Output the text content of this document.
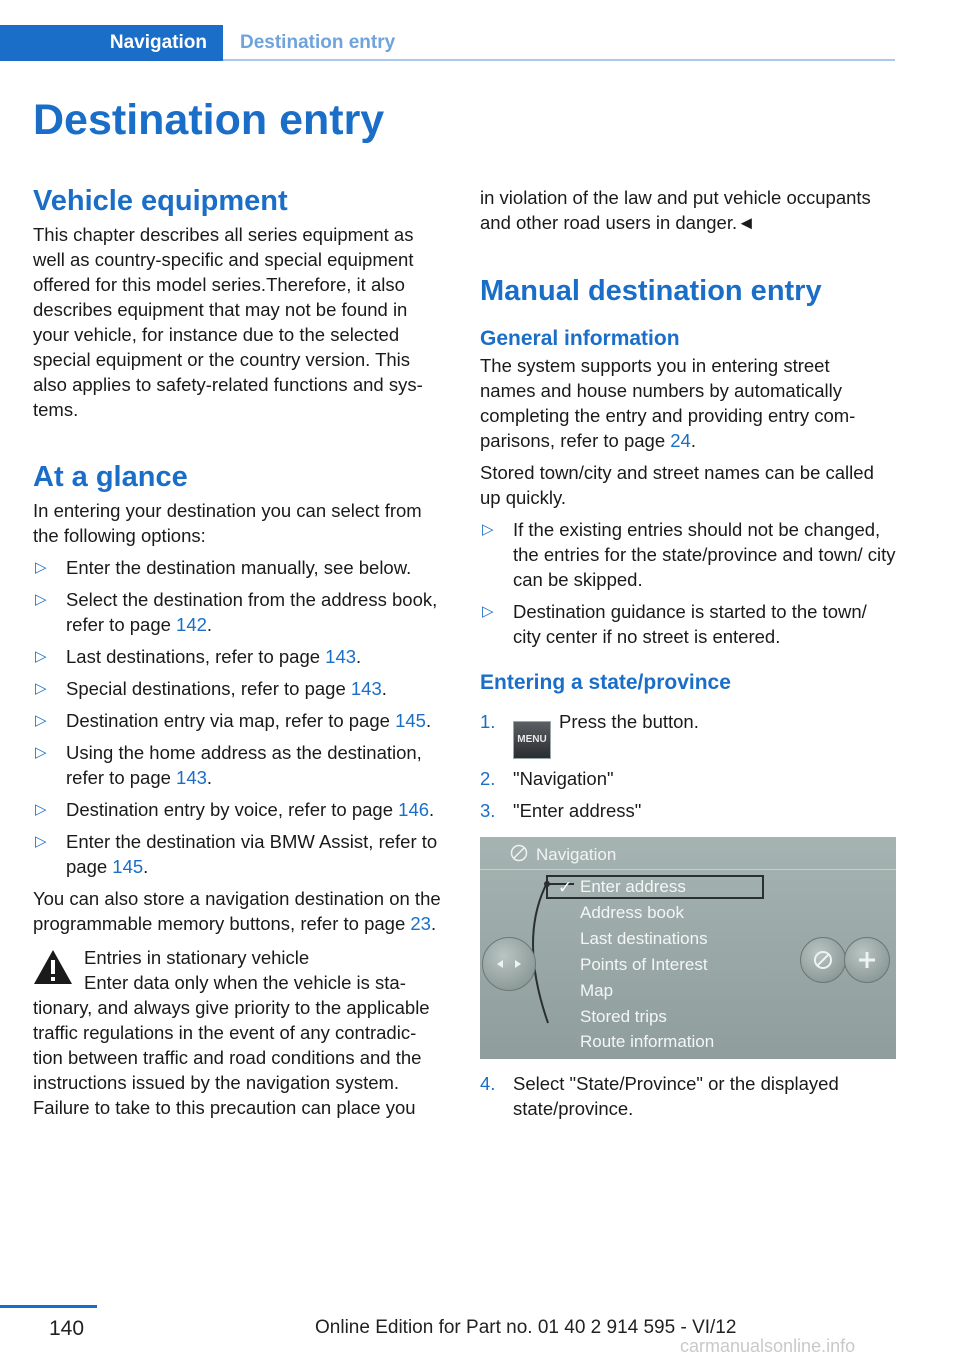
Navigation	Destination entry
Destination entry
Vehicle equipment

This chapter describes all series equipment as
well as country-specific and special equipment
offered for this model series.Therefore, it also
describes equipment that may not be found in
your vehicle, for instance due to the selected
special equipment or the country version. This
also applies to safety-related functions and sys‐
tems.

At a glance

In entering your destination you can select from
the following options:

▷	Enter the destination manually, see below.
▷	Select the destination from the address book, refer to page 142.
▷	Last destinations, refer to page 143.
▷	Special destinations, refer to page 143.
▷	Destination entry via map, refer to page 145.
▷	Using the home address as the destination, refer to page 143.
▷	Destination entry by voice, refer to page 146.
▷	Enter the destination via BMW Assist, refer to page 145.

You can also store a navigation destination on the programmable memory buttons, refer to page 23.

Entries in stationary vehicle
Enter data only when the vehicle is sta‐

tionary, and always give priority to the applicable
traffic regulations in the event of any contradic‐
tion between traffic and road conditions and the
instructions issued by the navigation system.
Failure to take to this precaution can place you

in violation of the law and put vehicle occupants
and other road users in danger.◄

Manual destination entry
General information

The system supports you in entering street
names and house numbers by automatically
completing the entry and providing entry com‐
parisons, refer to page 24.

Stored town/city and street names can be called
up quickly.

▷	If the existing entries should not be changed, the entries for the state/province and town/ city can be skipped.
▷	Destination guidance is started to the town/ city center if no street is entered.
Entering a state/province
1.
MENUPress the button.
2. "Navigation"
3. "Enter address"
Navigation
✓ Enter address
Address book
Last destinations
Points of Interest
Map
Stored trips
Route information
4. Select "State/Province" or the displayed state/province.
140	Online Edition for Part no. 01 40 2 914 595 - VI/12
carmanualsonline.info
